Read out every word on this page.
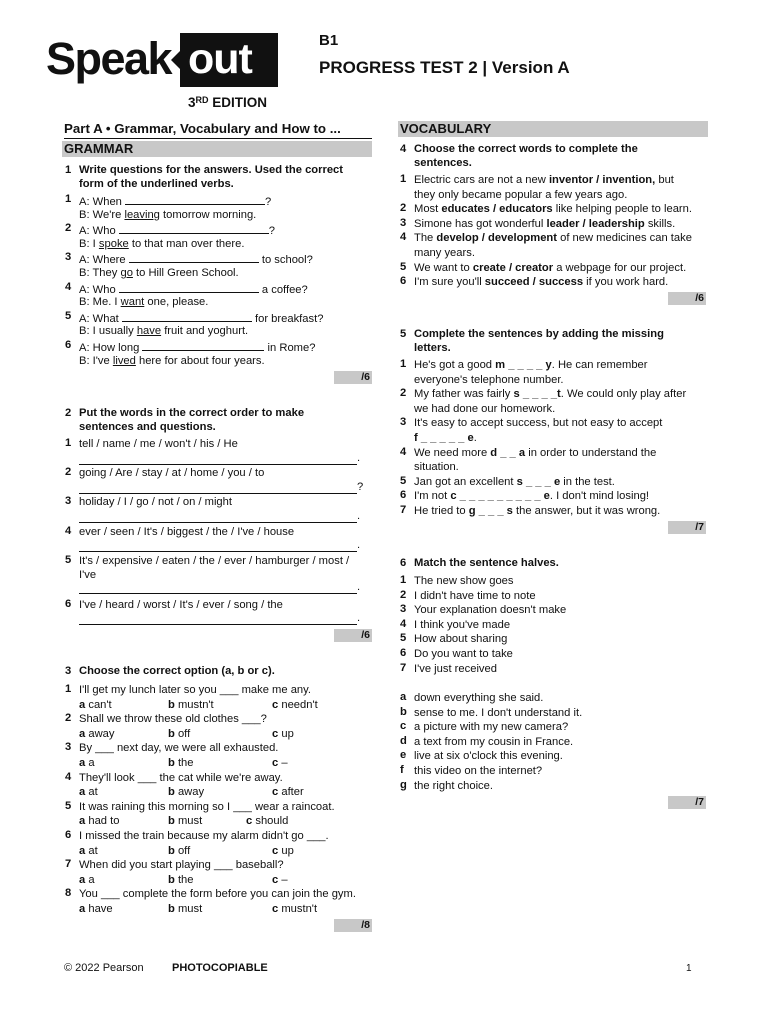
Speak out
3RD EDITION
B1
PROGRESS TEST 2 | Version A
Part A • Grammar, Vocabulary and How to ...
GRAMMAR
1 Write questions for the answers. Used the correct form of the underlined verbs.
1 A: When	?
B: We're leaving tomorrow morning.
2 A: Who	?
B: I spoke to that man over there.
3 A: Where	to school?
B: They go to Hill Green School.
4 A: Who	a coffee?
B: Me. I want one, please.
5 A: What	for breakfast?
B: I usually have fruit and yoghurt.
6 A: How long	in Rome?
B: I've lived here for about four years.
/6
2 Put the words in the correct order to make sentences and questions.
1 tell / name / me / won't / his / He
.
2 going / Are / stay / at / home / you / to
?
3 holiday / I / go / not / on / might
.
4 ever / seen / It's / biggest / the / I've / house
.
5 It's / expensive / eaten / the / ever / hamburger / most /
I've
.
6 I've / heard / worst / It's / ever / song / the
.
/6
3 Choose the correct option (a, b or c).
1 I'll get my lunch later so you ___ make me any.
a can't	b mustn't	c needn't
2 Shall we throw these old clothes ___?
a away	b off	c up
3 By ___ next day, we were all exhausted.
a a	b the	c –
4 They'll look ___ the cat while we're away.
a at	b away	c after
5 It was raining this morning so I ___ wear a raincoat.
a had to	b must	c should
6 I missed the train because my alarm didn't go ___.
a at	b off	c up
7 When did you start playing ___ baseball?
a a	b the	c –
8 You ___ complete the form before you can join the gym.
a have	b must	c mustn't
/8
VOCABULARY
4 Choose the correct words to complete the sentences.
1 Electric cars are not a new inventor / invention, but
they only became popular a few years ago.
2 Most educates / educators like helping people to learn.
3 Simone has got wonderful leader / leadership skills.
4 The develop / development of new medicines can take
many years.
5 We want to create / creator a webpage for our project.
6 I'm sure you'll succeed / success if you work hard.
/6
5 Complete the sentences by adding the missing letters.
1 He's got a good m _ _ _ _ y. He can remember
everyone's telephone number.
2 My father was fairly s _ _ _ _t. We could only play after
we had done our homework.
3 It's easy to accept success, but not easy to accept
f _ _ _ _ _ e.
4 We need more d _ _ a in order to understand the
situation.
5 Jan got an excellent s _ _ _ e in the test.
6 I'm not c _ _ _ _ _ _ _ _ _ e. I don't mind losing!
7 He tried to g _ _ _ s the answer, but it was wrong.
/7
6 Match the sentence halves.
1 The new show goes
2 I didn't have time to note
3 Your explanation doesn't make
4 I think you've made
5 How about sharing
6 Do you want to take
7 I've just received
a down everything she said.
b sense to me. I don't understand it.
c a picture with my new camera?
d a text from my cousin in France.
e live at six o'clock this evening.
f this video on the internet?
g the right choice.
/7
© 2022 Pearson	PHOTOCOPIABLE	1
